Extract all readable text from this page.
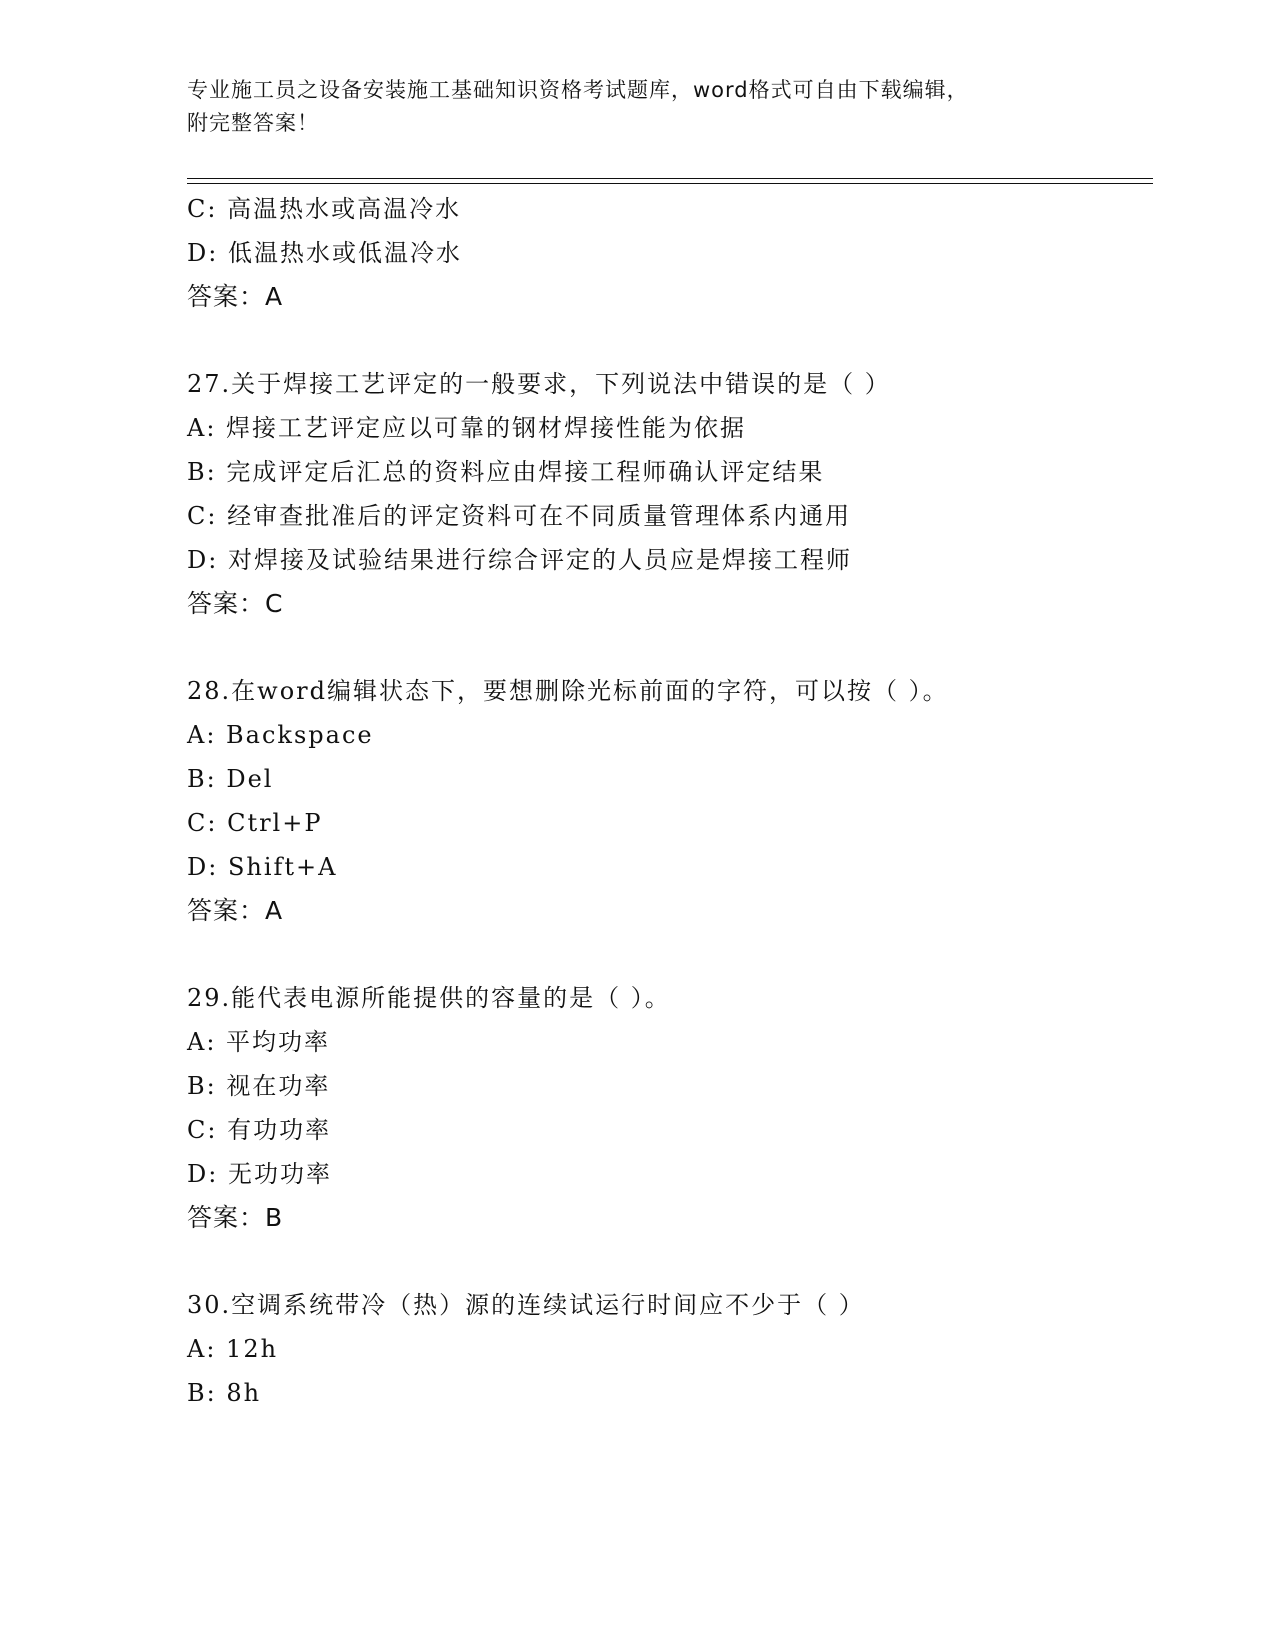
专业施工员之设备安装施工基础知识资格考试题库，word格式可自由下载编辑，
附完整答案！
C: 高温热水或高温冷水
D: 低温热水或低温冷水
答案：A
27.关于焊接工艺评定的一般要求，下列说法中错误的是（ ）
A: 焊接工艺评定应以可靠的钢材焊接性能为依据
B: 完成评定后汇总的资料应由焊接工程师确认评定结果
C: 经审查批准后的评定资料可在不同质量管理体系内通用
D: 对焊接及试验结果进行综合评定的人员应是焊接工程师
答案：C
28.在word编辑状态下，要想删除光标前面的字符，可以按（ ）。
A: Backspace
B: Del
C: Ctrl+P
D: Shift+A
答案：A
29.能代表电源所能提供的容量的是（ ）。
A: 平均功率
B: 视在功率
C: 有功功率
D: 无功功率
答案：B
30.空调系统带冷（热）源的连续试运行时间应不少于（ ）
A: 12h
B: 8h
